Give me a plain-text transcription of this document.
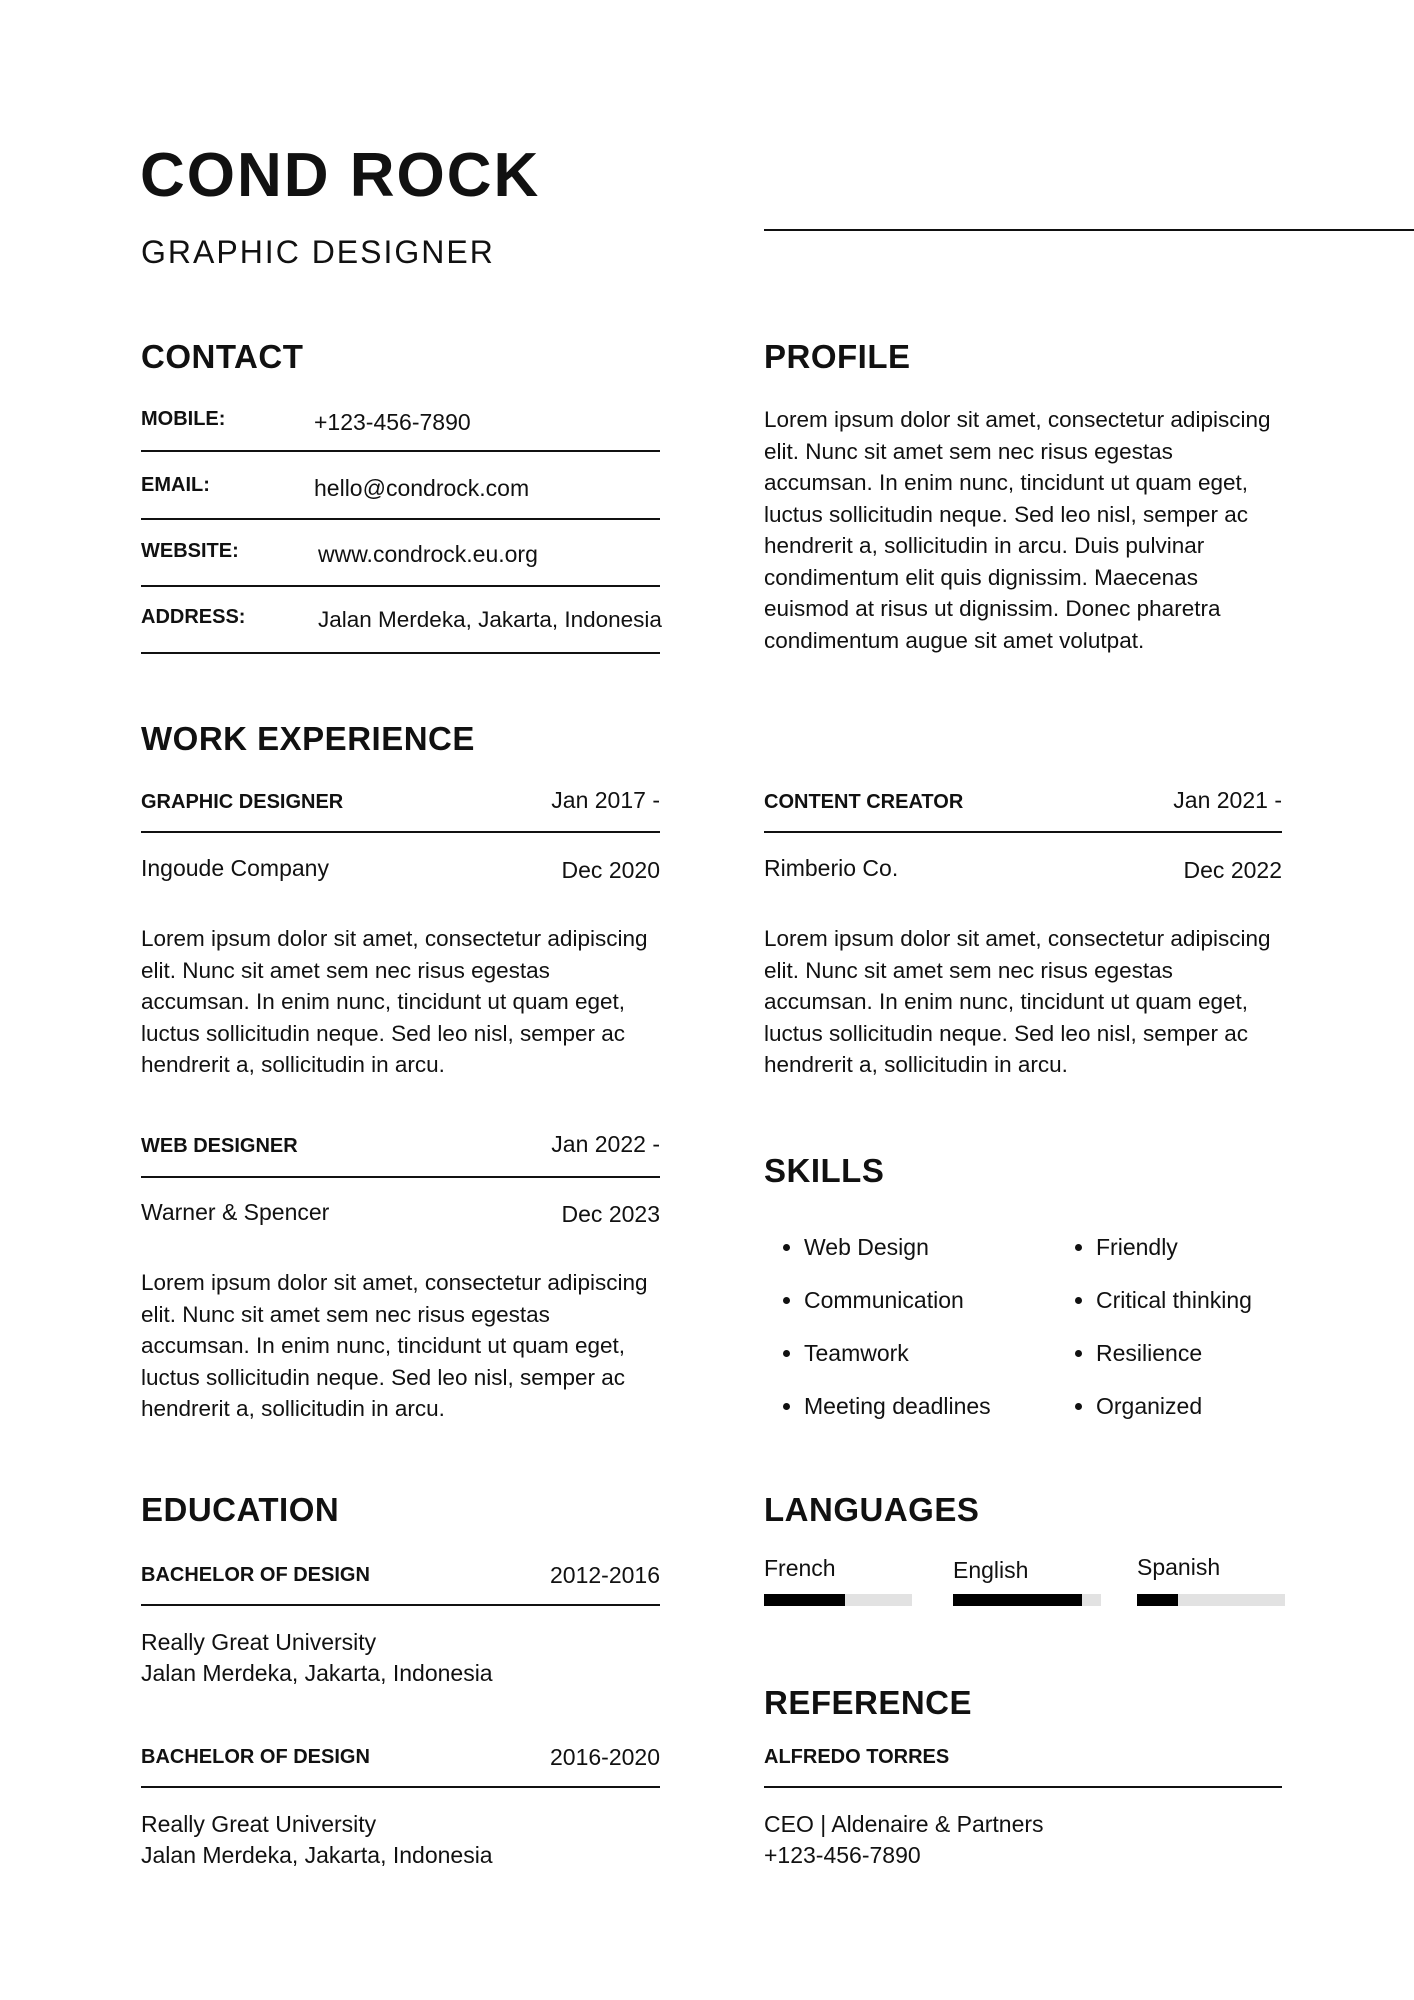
COND ROCK
GRAPHIC DESIGNER
CONTACT
MOBILE:	+123-456-7890
EMAIL:	hello@condrock.com
WEBSITE:	www.condrock.eu.org
ADDRESS:	Jalan Merdeka, Jakarta, Indonesia
PROFILE
Lorem ipsum dolor sit amet, consectetur adipiscing elit. Nunc sit amet sem nec risus egestas accumsan. In enim nunc, tincidunt ut quam eget, luctus sollicitudin neque. Sed leo nisl, semper ac hendrerit a, sollicitudin in arcu. Duis pulvinar condimentum elit quis dignissim. Maecenas euismod at risus ut dignissim. Donec pharetra condimentum augue sit amet volutpat.
WORK EXPERIENCE
GRAPHIC DESIGNER	Jan 2017 -
Ingoude Company	Dec 2020
Lorem ipsum dolor sit amet, consectetur adipiscing elit. Nunc sit amet sem nec risus egestas accumsan. In enim nunc, tincidunt ut quam eget, luctus sollicitudin neque. Sed leo nisl, semper ac hendrerit a, sollicitudin in arcu.
CONTENT CREATOR	Jan 2021 -
Rimberio Co.	Dec 2022
Lorem ipsum dolor sit amet, consectetur adipiscing elit. Nunc sit amet sem nec risus egestas accumsan. In enim nunc, tincidunt ut quam eget, luctus sollicitudin neque. Sed leo nisl, semper ac hendrerit a, sollicitudin in arcu.
WEB DESIGNER	Jan 2022 -
Warner & Spencer	Dec 2023
Lorem ipsum dolor sit amet, consectetur adipiscing elit. Nunc sit amet sem nec risus egestas accumsan. In enim nunc, tincidunt ut quam eget, luctus sollicitudin neque. Sed leo nisl, semper ac hendrerit a, sollicitudin in arcu.
SKILLS
• Web Design
• Communication
• Teamwork
• Meeting deadlines
• Friendly
• Critical thinking
• Resilience
• Organized
EDUCATION
BACHELOR OF DESIGN	2012-2016
Really Great University
Jalan Merdeka, Jakarta, Indonesia
BACHELOR OF DESIGN	2016-2020
Really Great University
Jalan Merdeka, Jakarta, Indonesia
LANGUAGES
French	English	Spanish
REFERENCE
ALFREDO TORRES
CEO | Aldenaire & Partners
+123-456-7890
